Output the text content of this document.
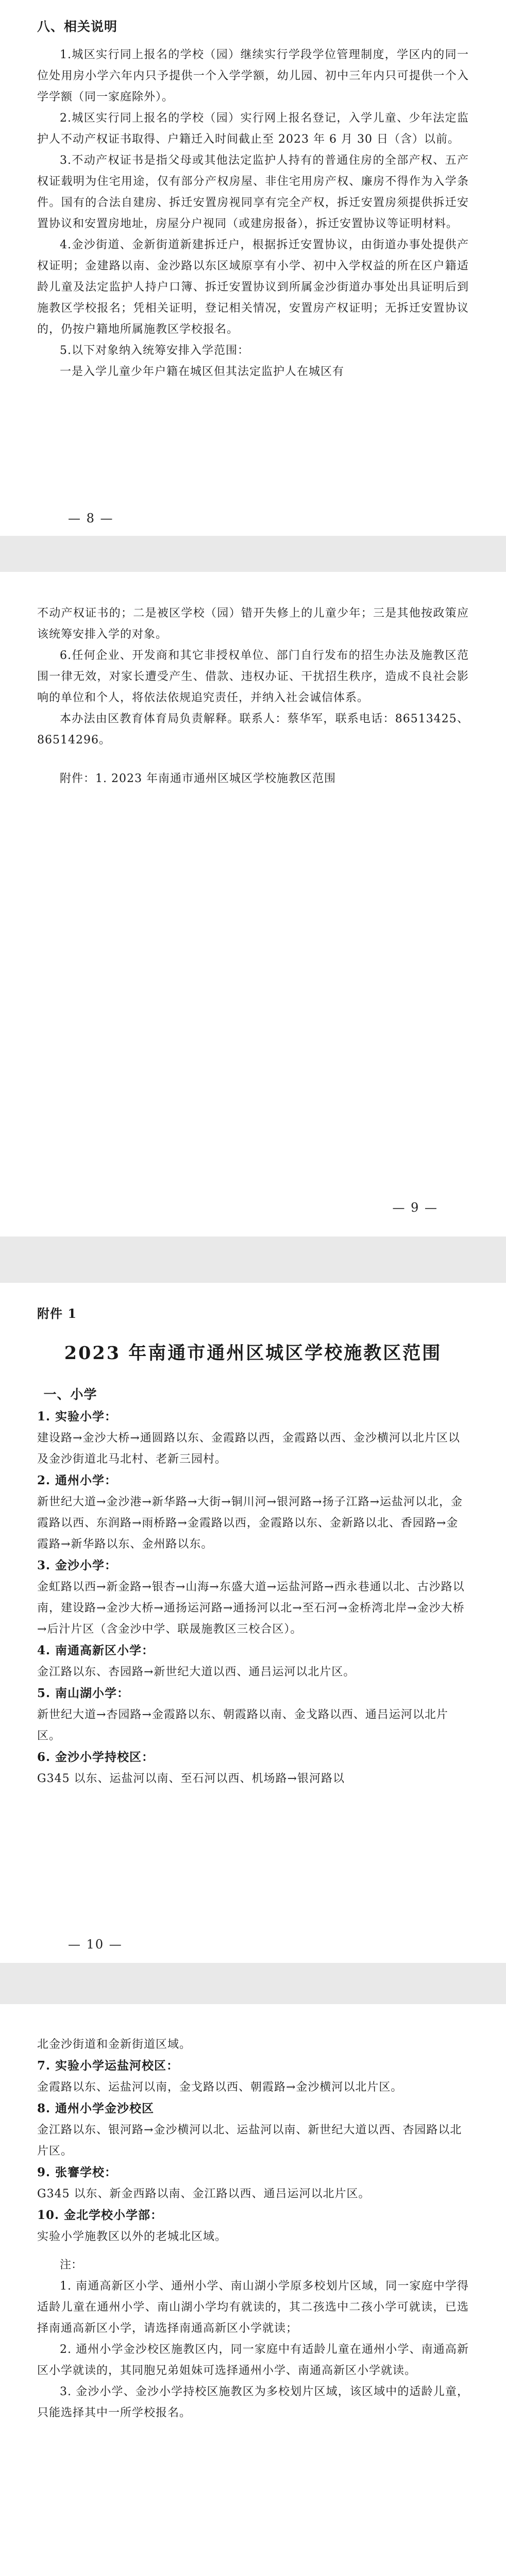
八、相关说明

1.城区实行同上报名的学校（园）继续实行学段学位管理制度，学区内的同一位处用房小学六年内只予提供一个入学学额，幼儿园、初中三年内只可提供一个入学学额（同一家庭除外）。

2.城区实行同上报名的学校（园）实行网上报名登记，入学儿童、少年法定监护人不动产权证书取得、户籍迁入时间截止至 2023 年 6 月 30 日（含）以前。

3.不动产权证书是指父母或其他法定监护人持有的普通住房的全部产权、五产权证载明为住宅用途，仅有部分产权房屋、非住宅用房产权、廉房不得作为入学条件。国有的合法自建房、拆迁安置房视同享有完全产权，拆迁安置房须提供拆迁安置协议和安置房地址，房屋分户视同（或建房报备），拆迁安置协议等证明材料。

4.金沙街道、金新街道新建拆迁户，根据拆迁安置协议，由街道办事处提供产权证明；金建路以南、金沙路以东区域原享有小学、初中入学权益的所在区户籍适龄儿童及法定监护人持户口簿、拆迁安置协议到所属金沙街道办事处出具证明后到施教区学校报名；凭相关证明，登记相关情况，安置房产权证明；无拆迁安置协议的，仍按户籍地所属施教区学校报名。

5.以下对象纳入统筹安排入学范围：

一是入学儿童少年户籍在城区但其法定监护人在城区有

— 8 —

不动产权证书的；二是被区学校（园）错开失修上的儿童少年；三是其他按政策应该统筹安排入学的对象。

6.任何企业、开发商和其它非授权单位、部门自行发布的招生办法及施教区范围一律无效，对家长遭受产生、借款、违权办证、干扰招生秩序，造成不良社会影响的单位和个人，将依法依规追究责任，并纳入社会诚信体系。

本办法由区教育体育局负责解释。联系人：蔡华军，联系电话：86513425、86514296。

附件：1. 2023 年南通市通州区城区学校施教区范围

— 9 —

附件 1

2023 年南通市通州区城区学校施教区范围
一、小学

1. 实验小学：

建设路→金沙大桥→通圆路以东、金霞路以西，金霞路以西、金沙横河以北片区以及金沙街道北马北村、老新三园村。

2. 通州小学：

新世纪大道→金沙港→新华路→大街→铜川河→银河路→扬子江路→运盐河以北，金霞路以西、东润路→雨桥路→金霞路以西，金霞路以东、金新路以北、香园路→金霞路→新华路以东、金州路以东。

3. 金沙小学：

金虹路以西→新金路→银杏→山海→东盛大道→运盐河路→西永巷通以北、古沙路以南，建设路→金沙大桥→通扬运河路→通扬河以北→至石河→金桥湾北岸→金沙大桥→后汁片区（含金沙中学、联晟施教区三校合区）。

4. 南通高新区小学：

金江路以东、杏园路→新世纪大道以西、通吕运河以北片区。

5. 南山湖小学：

新世纪大道→杏园路→金霞路以东、朝霞路以南、金戈路以西、通吕运河以北片区。

6. 金沙小学持校区：

G345 以东、运盐河以南、至石河以西、机场路→银河路以

— 10 —

北金沙街道和金新街道区域。

7. 实验小学运盐河校区：

金霞路以东、运盐河以南，金戈路以西、朝霞路→金沙横河以北片区。

8. 通州小学金沙校区

金江路以东、银河路→金沙横河以北、运盐河以南、新世纪大道以西、杏园路以北片区。

9. 张謇学校：

G345 以东、新金西路以南、金江路以西、通吕运河以北片区。

10. 金北学校小学部：

实验小学施教区以外的老城北区域。

注：

1. 南通高新区小学、通州小学、南山湖小学原多校划片区域，同一家庭中学得适龄儿童在通州小学、南山湖小学均有就读的，其二孩选中二孩小学可就读，已选择南通高新区小学，请选择南通高新区小学就读；

2. 通州小学金沙校区施教区内，同一家庭中有适龄儿童在通州小学、南通高新区小学就读的，其同胞兄弟姐妹可选择通州小学、南通高新区小学就读。

3. 金沙小学、金沙小学持校区施教区为多校划片区域，该区域中的适龄儿童，只能选择其中一所学校报名。
